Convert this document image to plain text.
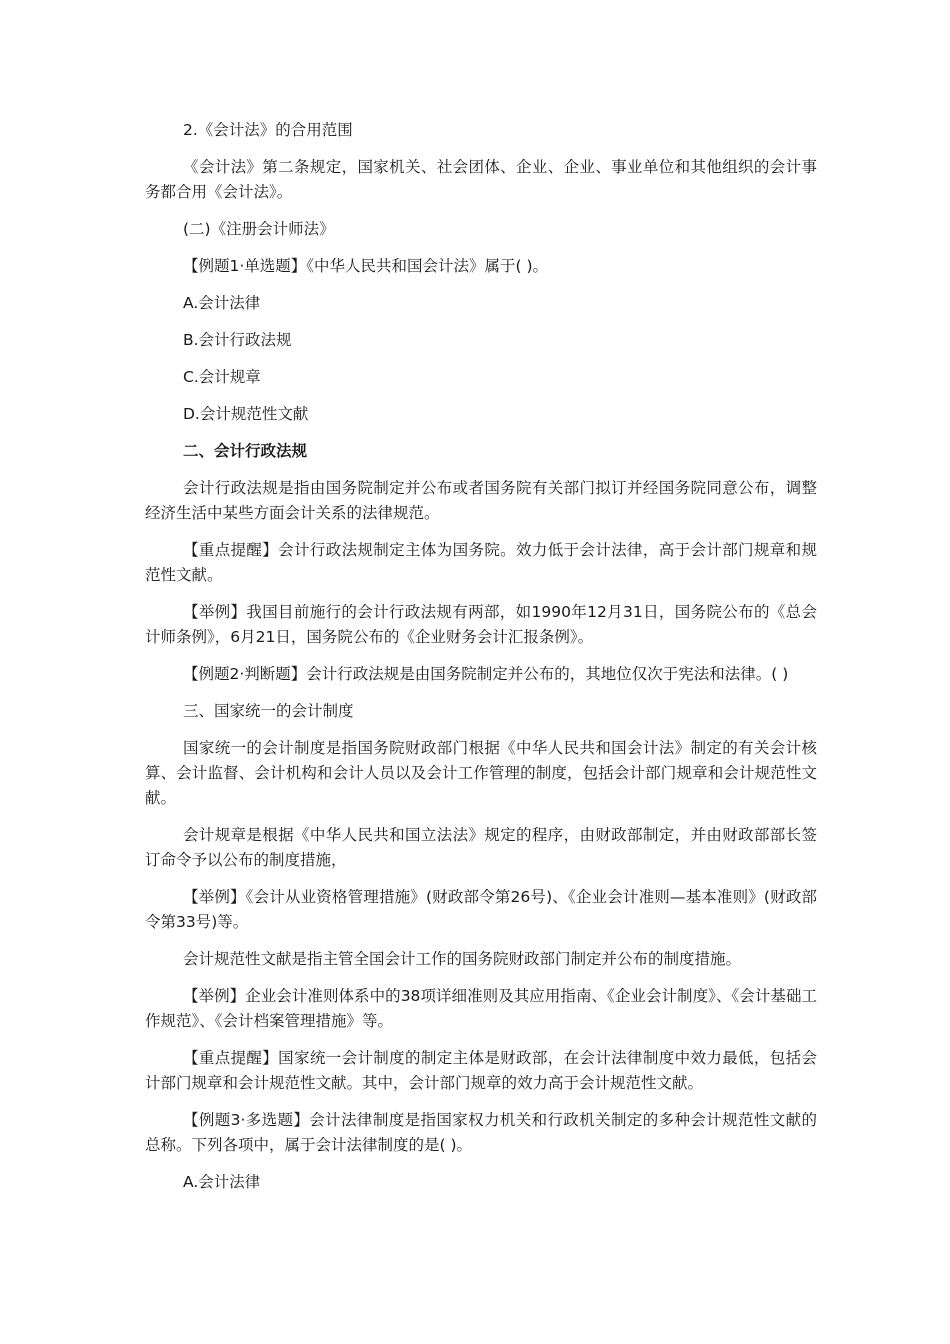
2.《会计法》的合用范围

《会计法》第二条规定，国家机关、社会团体、企业、企业、事业单位和其他组织的会计事务都合用《会计法》。

(二)《注册会计师法》

【例题1·单选题】《中华人民共和国会计法》属于( )。

A.会计法律

B.会计行政法规

C.会计规章

D.会计规范性文献

二、会计行政法规

会计行政法规是指由国务院制定并公布或者国务院有关部门拟订并经国务院同意公布，调整经济生活中某些方面会计关系的法律规范。

【重点提醒】会计行政法规制定主体为国务院。效力低于会计法律，高于会计部门规章和规范性文献。

【举例】我国目前施行的会计行政法规有两部，如1990年12月31日，国务院公布的《总会计师条例》，6月21日，国务院公布的《企业财务会计汇报条例》。

【例题2·判断题】会计行政法规是由国务院制定并公布的，其地位仅次于宪法和法律。( )

三、国家统一的会计制度

国家统一的会计制度是指国务院财政部门根据《中华人民共和国会计法》制定的有关会计核算、会计监督、会计机构和会计人员以及会计工作管理的制度，包括会计部门规章和会计规范性文献。

会计规章是根据《中华人民共和国立法法》规定的程序，由财政部制定，并由财政部部长签订命令予以公布的制度措施，

【举例】《会计从业资格管理措施》(财政部令第26号)、《企业会计准则—基本准则》(财政部令第33号)等。

会计规范性文献是指主管全国会计工作的国务院财政部门制定并公布的制度措施。

【举例】企业会计准则体系中的38项详细准则及其应用指南、《企业会计制度》、《会计基础工作规范》、《会计档案管理措施》等。

【重点提醒】国家统一会计制度的制定主体是财政部，在会计法律制度中效力最低，包括会计部门规章和会计规范性文献。其中，会计部门规章的效力高于会计规范性文献。

【例题3·多选题】会计法律制度是指国家权力机关和行政机关制定的多种会计规范性文献的总称。下列各项中，属于会计法律制度的是( )。

A.会计法律
